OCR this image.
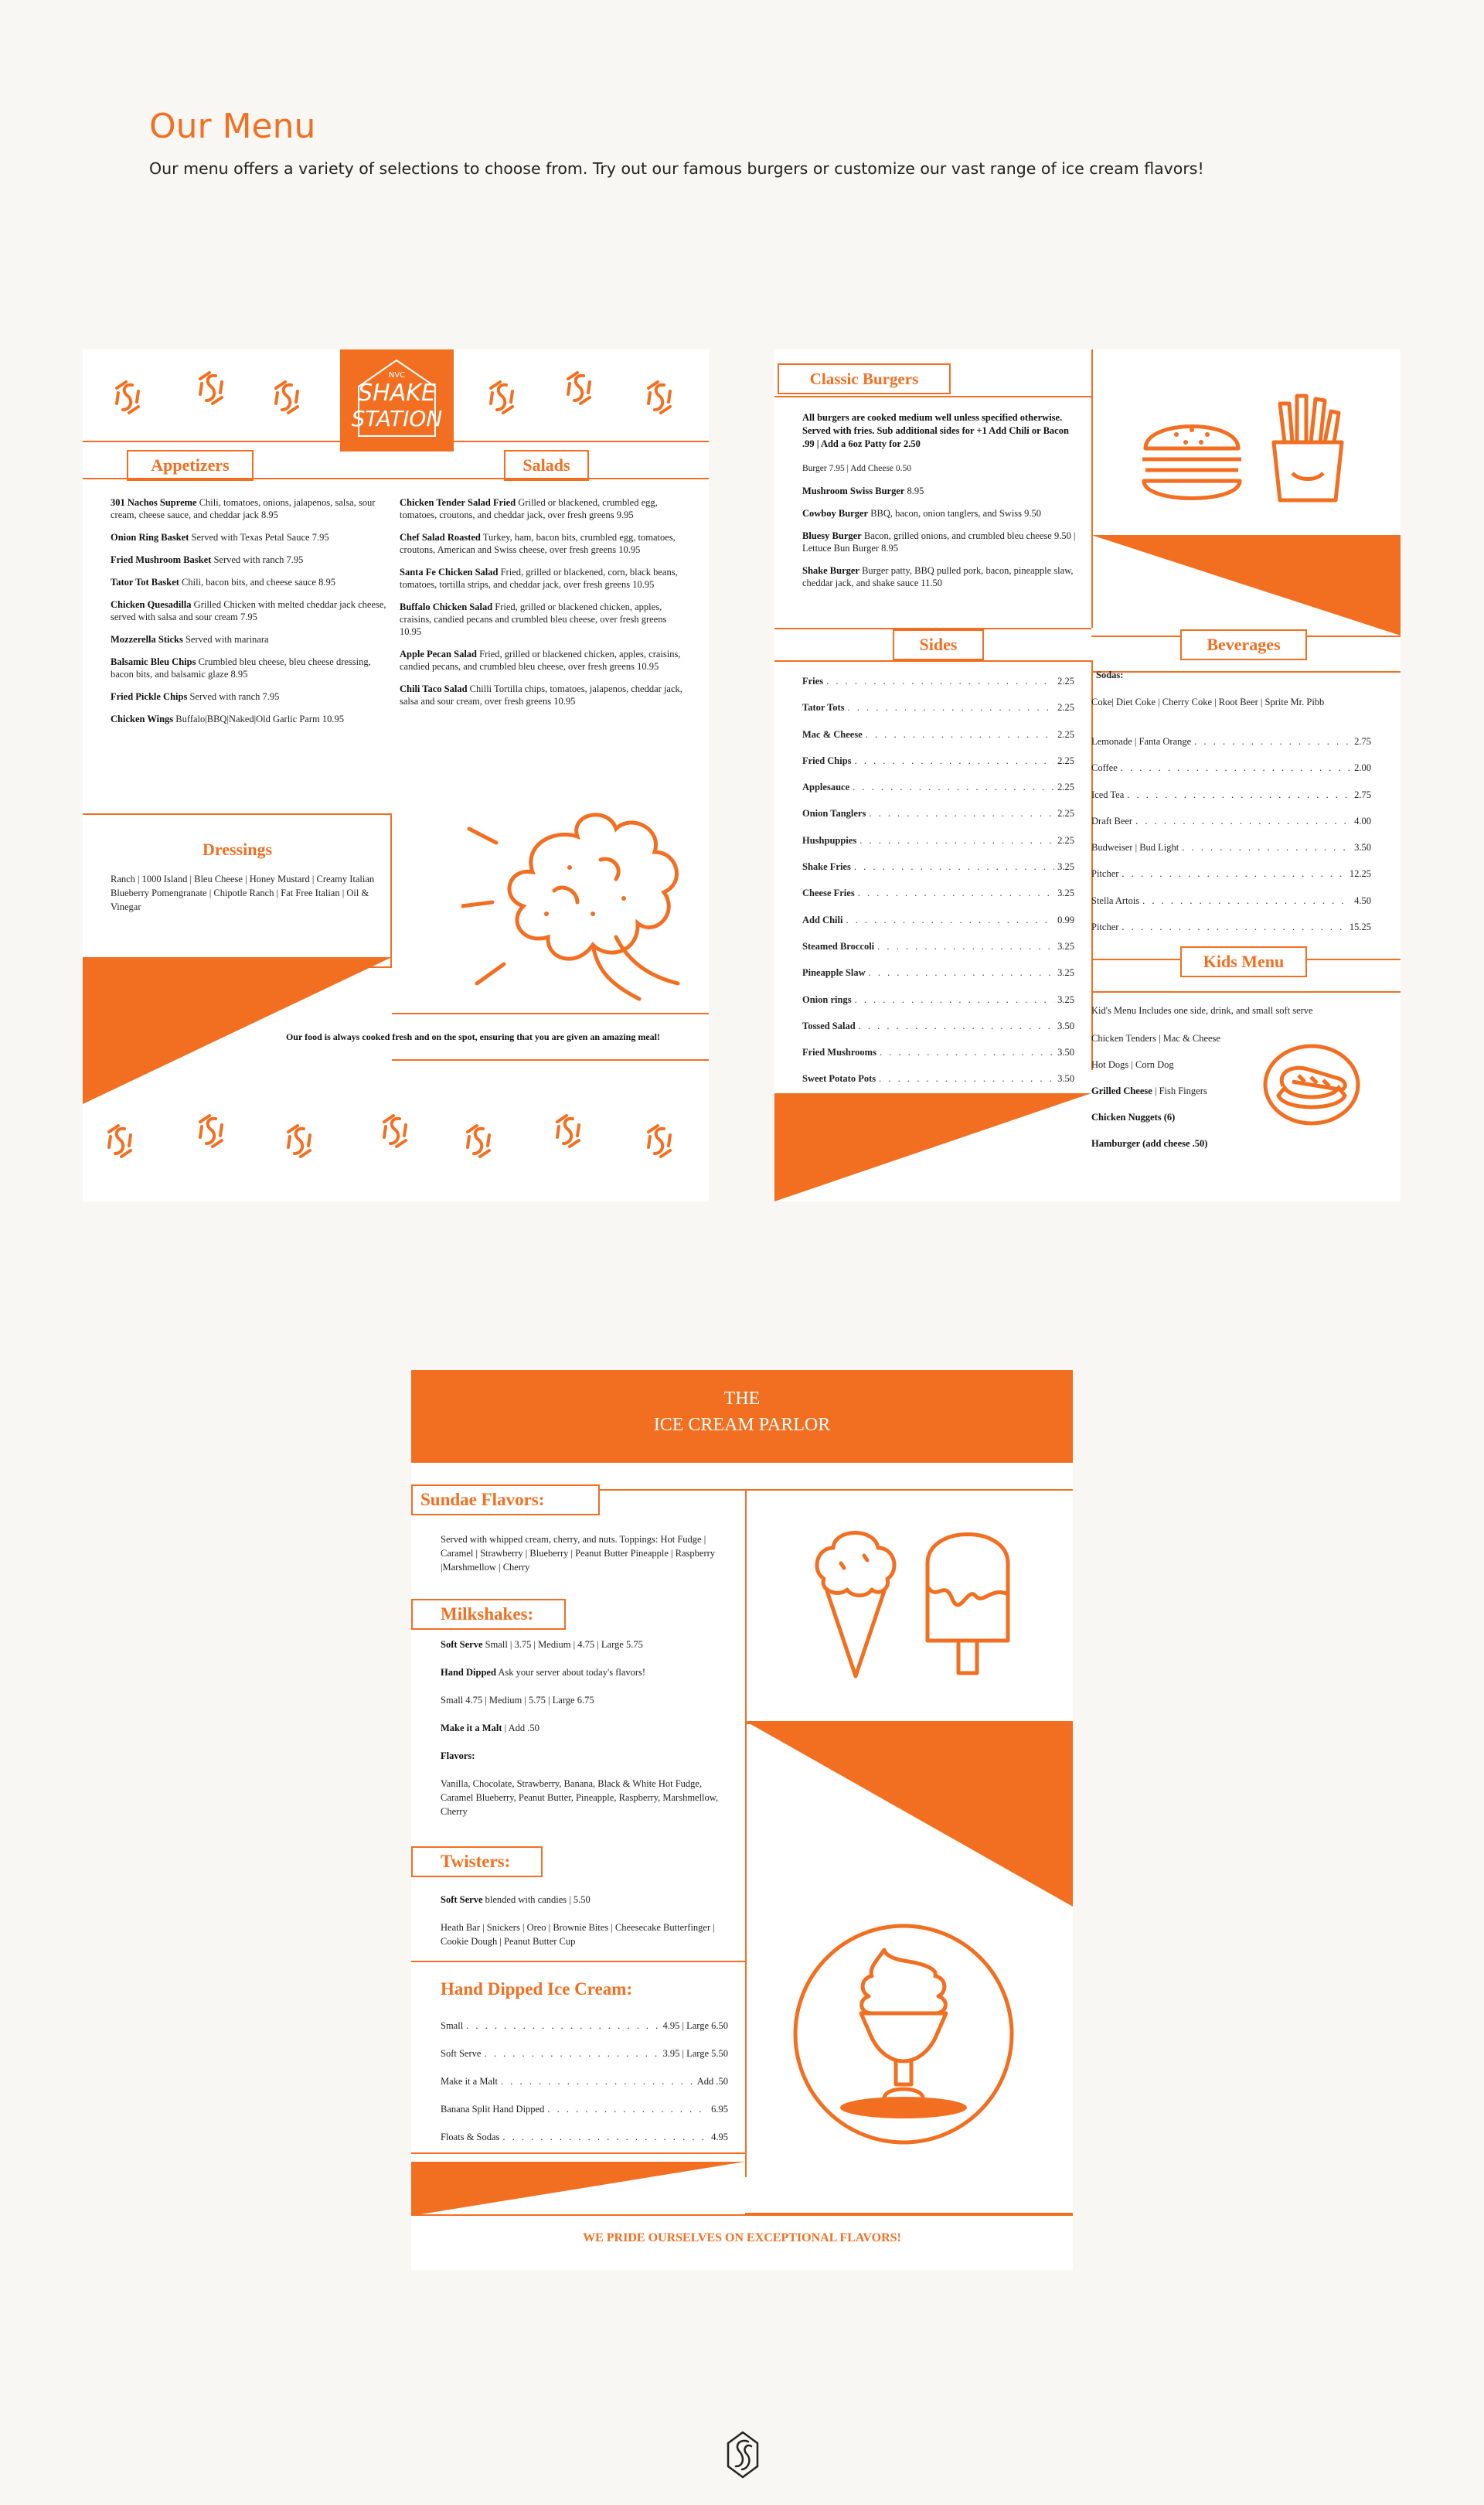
Our Menu
Our menu offers a variety of selections to choose from. Try out our famous burgers or customize our vast range of ice cream flavors!
NVC
SHAKE
STATION
Appetizers	Salads
301 Nachos Supreme Chili, tomatoes, onions, jalapenos, salsa, sour cream, cheese sauce, and cheddar jack 8.95
Onion Ring Basket Served with Texas Petal Sauce 7.95
Fried Mushroom Basket Served with ranch 7.95
Tator Tot Basket Chili, bacon bits, and cheese sauce 8.95
Chicken Quesadilla Grilled Chicken with melted cheddar jack cheese, served with salsa and sour cream 7.95
Mozzerella Sticks Served with marinara
Balsamic Bleu Chips Crumbled bleu cheese, bleu cheese dressing, bacon bits, and balsamic glaze 8.95
Fried Pickle Chips Served with ranch 7.95
Chicken Wings Buffalo|BBQ|Naked|Old Garlic Parm 10.95
Chicken Tender Salad Fried Grilled or blackened, crumbled egg, tomatoes, croutons, and cheddar jack, over fresh greens 9.95
Chef Salad Roasted Turkey, ham, bacon bits, crumbled egg, tomatoes, croutons, American and Swiss cheese, over fresh greens 10.95
Santa Fe Chicken Salad Fried, grilled or blackened, corn, black beans, tomatoes, tortilla strips, and cheddar jack, over fresh greens 10.95
Buffalo Chicken Salad Fried, grilled or blackened chicken, apples, craisins, candied pecans and crumbled bleu cheese, over fresh greens 10.95
Apple Pecan Salad Fried, grilled or blackened chicken, apples, craisins, candied pecans, and crumbled bleu cheese, over fresh greens 10.95
Chili Taco Salad Chilli Tortilla chips, tomatoes, jalapenos, cheddar jack, salsa and sour cream, over fresh greens 10.95
Dressings
Ranch | 1000 Island | Bleu Cheese | Honey Mustard | Creamy Italian Blueberry Pomengranate | Chipotle Ranch | Fat Free Italian | Oil & Vinegar
Our food is always cooked fresh and on the spot, ensuring that you are given an amazing meal!
Classic Burgers
All burgers are cooked medium well unless specified otherwise. Served with fries. Sub additional sides for +1 Add Chili or Bacon .99 | Add a 6oz Patty for 2.50
Burger 7.95 | Add Cheese 0.50
Mushroom Swiss Burger 8.95
Cowboy Burger BBQ, bacon, onion tanglers, and Swiss 9.50
Bluesy Burger Bacon, grilled onions, and crumbled bleu cheese 9.50 | Lettuce Bun Burger 8.95
Shake Burger Burger patty, BBQ pulled pork, bacon, pineapple slaw, cheddar jack, and shake sauce 11.50
Sides	Beverages
Fries . . .	2.25
Tator Tots . . .	2.25
Mac & Cheese . . .	2.25
Fried Chips . . .	2.25
Applesauce . . .	2.25
Onion Tanglers . . .	2.25
Hushpuppies . . .	2.25
Shake Fries . . .	3.25
Cheese Fries . . .	3.25
Add Chili . . .	0.99
Steamed Broccoli . . .	3.25
Pineapple Slaw . . .	3.25
Onion rings . . .	3.25
Tossed Salad . . .	3.50
Fried Mushrooms . . .	3.50
Sweet Potato Pots . . .	3.50
Sodas:
Coke| Diet Coke | Cherry Coke | Root Beer | Sprite Mr. Pibb
Lemonade | Fanta Orange . . .	2.75
Coffee . . .	2.00
Iced Tea . . .	2.75
Draft Beer . . .	4.00
Budweiser | Bud Light . . .	3.50
Pitcher . . .	12.25
Stella Artois . . .	4.50
Pitcher . . .	15.25
Kids Menu
Kid's Menu Includes one side, drink, and small soft serve
Chicken Tenders | Mac & Cheese
Hot Dogs | Corn Dog
Grilled Cheese | Fish Fingers
Chicken Nuggets (6)
Hamburger (add cheese .50)
THE
ICE CREAM PARLOR
Sundae Flavors:
Served with whipped cream, cherry, and nuts. Toppings: Hot Fudge | Caramel | Strawberry | Blueberry | Peanut Butter Pineapple | Raspberry |Marshmellow | Cherry
Milkshakes:
Soft Serve Small | 3.75 | Medium | 4.75 | Large 5.75
Hand Dipped Ask your server about today's flavors!
Small 4.75 | Medium | 5.75 | Large 6.75
Make it a Malt | Add .50
Flavors:
Vanilla, Chocolate, Strawberry, Banana, Black & White Hot Fudge, Caramel Blueberry, Peanut Butter, Pineapple, Raspberry, Marshmellow, Cherry
Twisters:
Soft Serve blended with candies | 5.50
Heath Bar | Snickers | Oreo | Brownie Bites | Cheesecake Butterfinger | Cookie Dough | Peanut Butter Cup
Hand Dipped Ice Cream:
Small . . .	4.95 | Large 6.50
Soft Serve . . .	3.95 | Large 5.50
Make it a Malt . . .	Add .50
Banana Split Hand Dipped . . .	6.95
Floats & Sodas . . .	4.95
WE PRIDE OURSELVES ON EXCEPTIONAL FLAVORS!
